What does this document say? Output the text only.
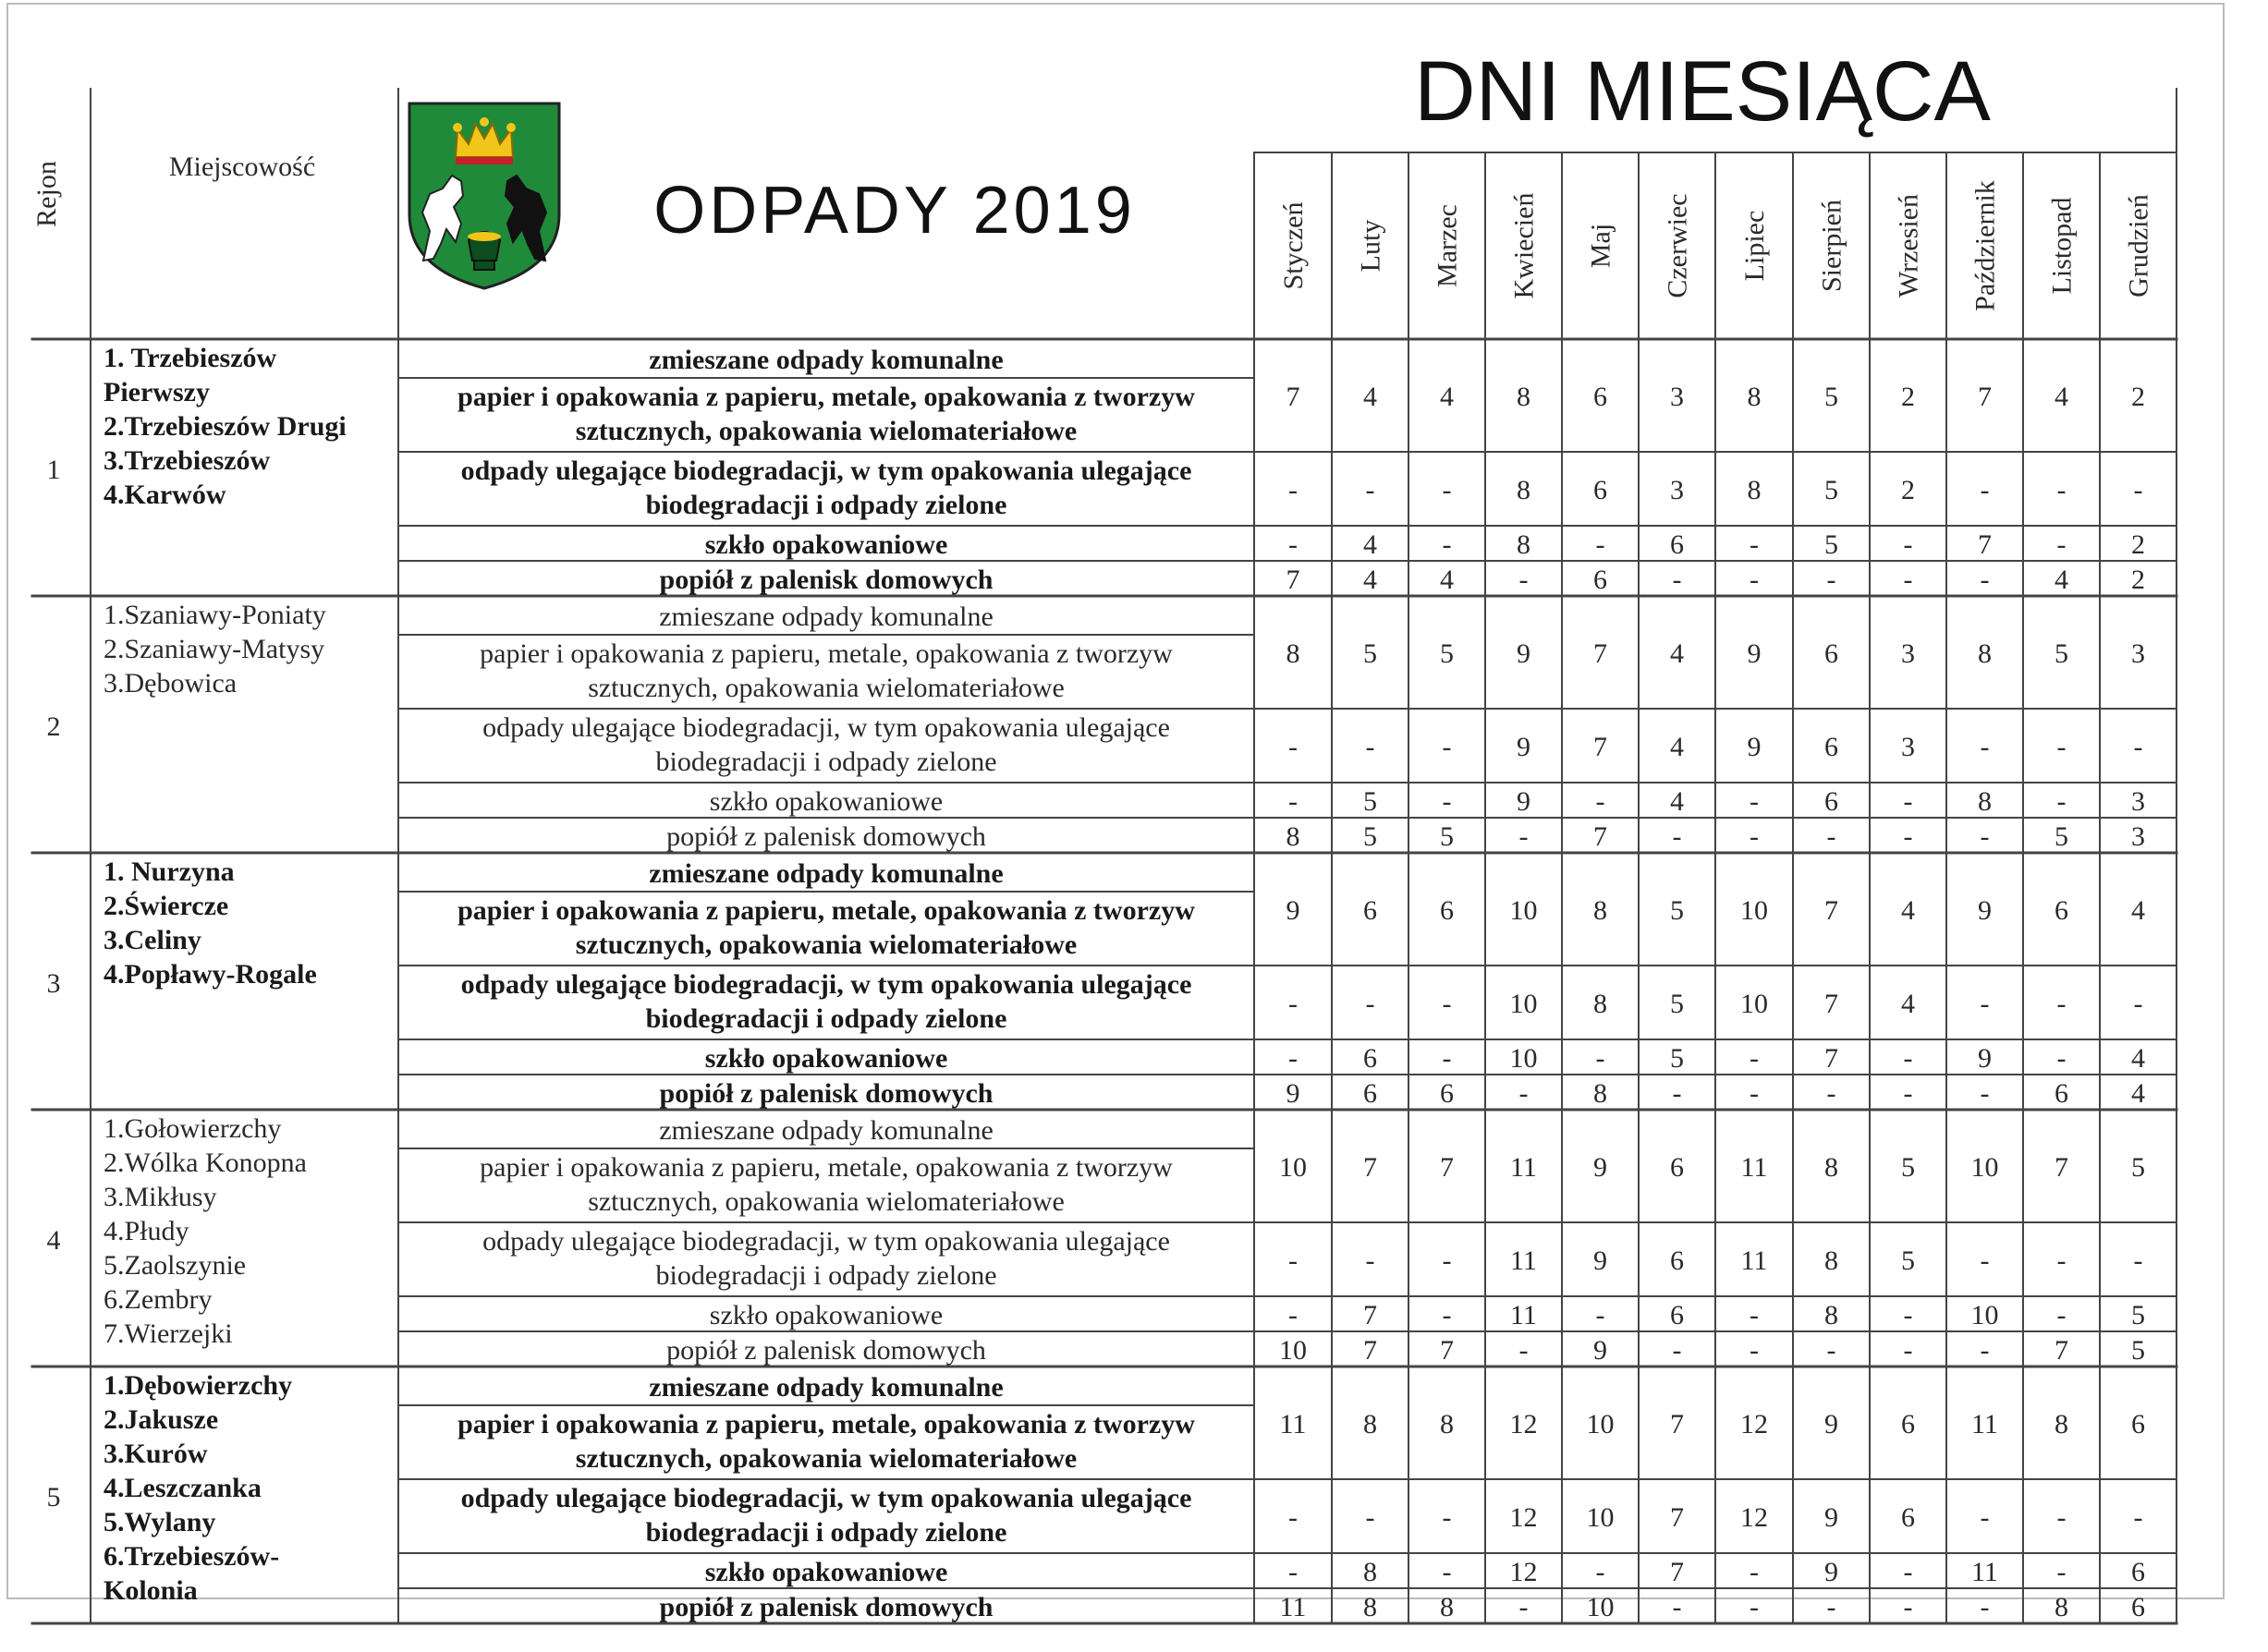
Rejon	Miejscowość
ODPADY 2019
DNI MIESIĄCA
Styczeń Luty Marzec Kwiecień Maj Czerwiec Lipiec Sierpień Wrzesień Październik Listopad Grudzień
1
1. Trzebieszów
Pierwszy
2.Trzebieszów Drugi
3.Trzebieszów
4.Karwów
zmieszane odpady komunalne
papier i opakowania z papieru, metale, opakowania z tworzyw
sztucznych, opakowania wielomateriałowe
odpady ulegające biodegradacji, w tym opakowania ulegające
biodegradacji i odpady zielone
szkło opakowaniowe
popiół z palenisk domowych
7 4 4 8 6 3 8 5 2 7 4 2
- - - 8 6 3 8 5 2 - - -
- 4 - 8 - 6 - 5 - 7 - 2
7 4 4 - 6 - - - - - 4 2
2
1.Szaniawy-Poniaty
2.Szaniawy-Matysy
3.Dębowica
zmieszane odpady komunalne
papier i opakowania z papieru, metale, opakowania z tworzyw
sztucznych, opakowania wielomateriałowe
odpady ulegające biodegradacji, w tym opakowania ulegające
biodegradacji i odpady zielone
szkło opakowaniowe
popiół z palenisk domowych
8 5 5 9 7 4 9 6 3 8 5 3
- - - 9 7 4 9 6 3 - - -
- 5 - 9 - 4 - 6 - 8 - 3
8 5 5 - 7 - - - - - 5 3
3
1. Nurzyna
2.Świercze
3.Celiny
4.Popławy-Rogale
zmieszane odpady komunalne
papier i opakowania z papieru, metale, opakowania z tworzyw
sztucznych, opakowania wielomateriałowe
odpady ulegające biodegradacji, w tym opakowania ulegające
biodegradacji i odpady zielone
szkło opakowaniowe
popiół z palenisk domowych
9 6 6 10 8 5 10 7 4 9 6 4
- - - 10 8 5 10 7 4 - - -
- 6 - 10 - 5 - 7 - 9 - 4
9 6 6 - 8 - - - - - 6 4
4
1.Gołowierzchy
2.Wólka Konopna
3.Mikłusy
4.Płudy
5.Zaolszynie
6.Zembry
7.Wierzejki
zmieszane odpady komunalne
papier i opakowania z papieru, metale, opakowania z tworzyw
sztucznych, opakowania wielomateriałowe
odpady ulegające biodegradacji, w tym opakowania ulegające
biodegradacji i odpady zielone
szkło opakowaniowe
popiół z palenisk domowych
10 7 7 11 9 6 11 8 5 10 7 5
- - - 11 9 6 11 8 5 - - -
- 7 - 11 - 6 - 8 - 10 - 5
10 7 7 - 9 - - - - - 7 5
5
1.Dębowierzchy
2.Jakusze
3.Kurów
4.Leszczanka
5.Wylany
6.Trzebieszów-
Kolonia
zmieszane odpady komunalne
papier i opakowania z papieru, metale, opakowania z tworzyw
sztucznych, opakowania wielomateriałowe
odpady ulegające biodegradacji, w tym opakowania ulegające
biodegradacji i odpady zielone
szkło opakowaniowe
popiół z palenisk domowych
11 8 8 12 10 7 12 9 6 11 8 6
- - - 12 10 7 12 9 6 - - -
- 8 - 12 - 7 - 9 - 11 - 6
11 8 8 - 10 - - - - - 8 6
